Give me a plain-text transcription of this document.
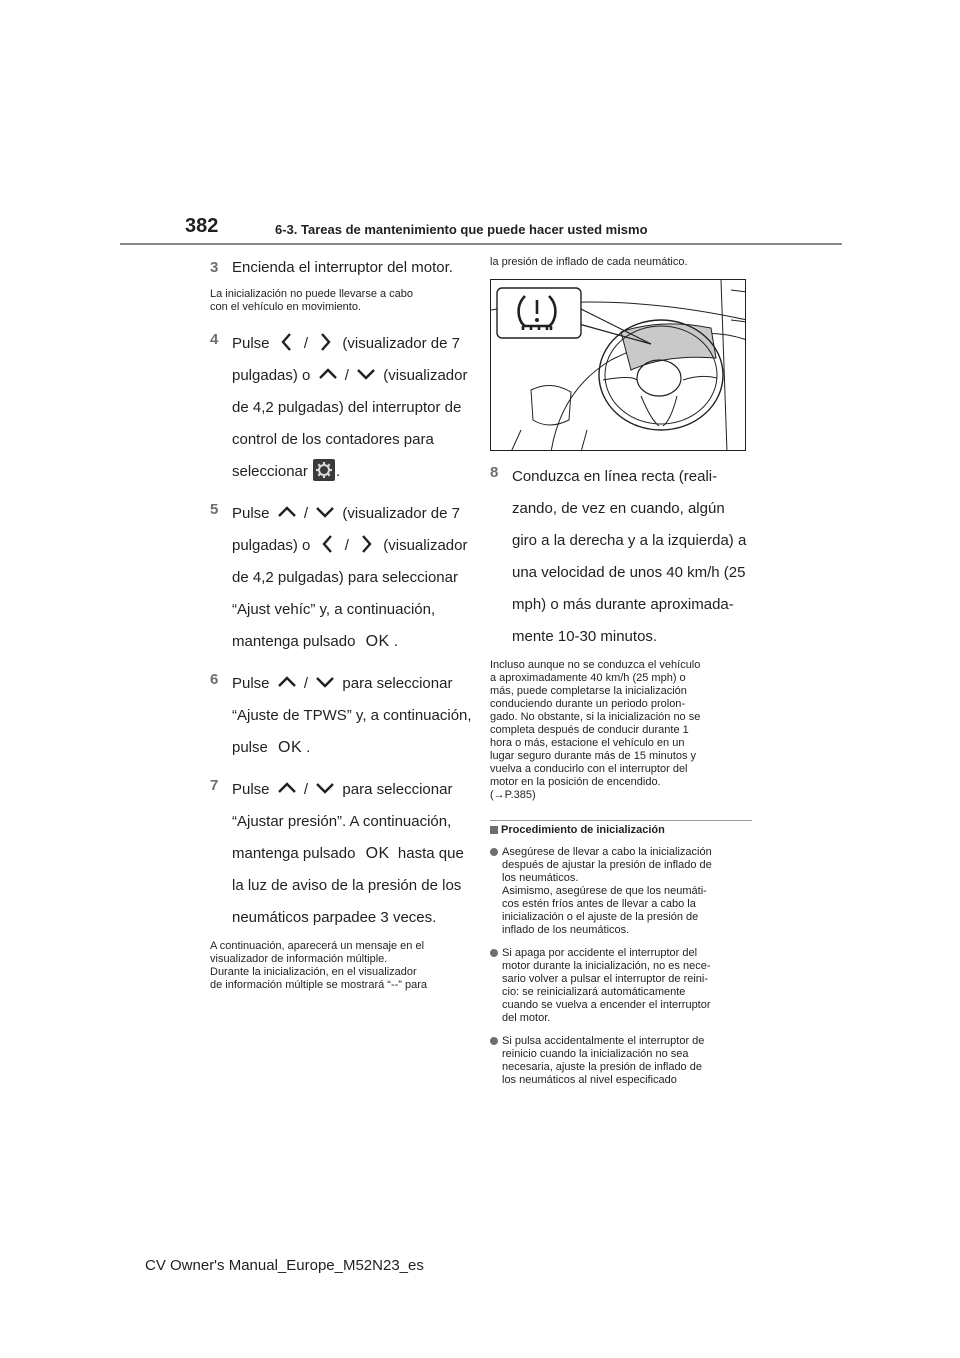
382	6-3. Tareas de mantenimiento que puede hacer usted mismo
3 Encienda el interruptor del motor.
La inicialización no puede llevarse a cabo
con el vehículo en movimiento.
4 Pulse / (visualizador de 7
pulgadas) o / (visualizador
de 4,2 pulgadas) del interruptor de
control de los contadores para
seleccionar .
5 Pulse / (visualizador de 7
pulgadas) o / (visualizador
de 4,2 pulgadas) para seleccionar
“Ajust vehíc” y, a continuación,
mantenga pulsado OK .
6 Pulse / para seleccionar
“Ajuste de TPWS” y, a continuación,
pulse OK .
7 Pulse / para seleccionar
“Ajustar presión”. A continuación,
mantenga pulsado OK hasta que
la luz de aviso de la presión de los
neumáticos parpadee 3 veces.
A continuación, aparecerá un mensaje en el
visualizador de información múltiple.
Durante la inicialización, en el visualizador
de información múltiple se mostrará “--” para
la presión de inflado de cada neumático.
8 Conduzca en línea recta (reali-
zando, de vez en cuando, algún
giro a la derecha y a la izquierda) a
una velocidad de unos 40 km/h (25
mph) o más durante aproximada-
mente 10-30 minutos.
Incluso aunque no se conduzca el vehículo
a aproximadamente 40 km/h (25 mph) o
más, puede completarse la inicialización
conduciendo durante un periodo prolon-
gado. No obstante, si la inicialización no se
completa después de conducir durante 1
hora o más, estacione el vehículo en un
lugar seguro durante más de 15 minutos y
vuelva a conducirlo con el interruptor del
motor en la posición de encendido.
(→P.385)
Procedimiento de inicialización
Asegúrese de llevar a cabo la inicialización
después de ajustar la presión de inflado de
los neumáticos.
Asimismo, asegúrese de que los neumáti-
cos estén fríos antes de llevar a cabo la
inicialización o el ajuste de la presión de
inflado de los neumáticos.
Si apaga por accidente el interruptor del
motor durante la inicialización, no es nece-
sario volver a pulsar el interruptor de reini-
cio: se reinicializará automáticamente
cuando se vuelva a encender el interruptor
del motor.
Si pulsa accidentalmente el interruptor de
reinicio cuando la inicialización no sea
necesaria, ajuste la presión de inflado de
los neumáticos al nivel especificado
CV Owner's Manual_Europe_M52N23_es
